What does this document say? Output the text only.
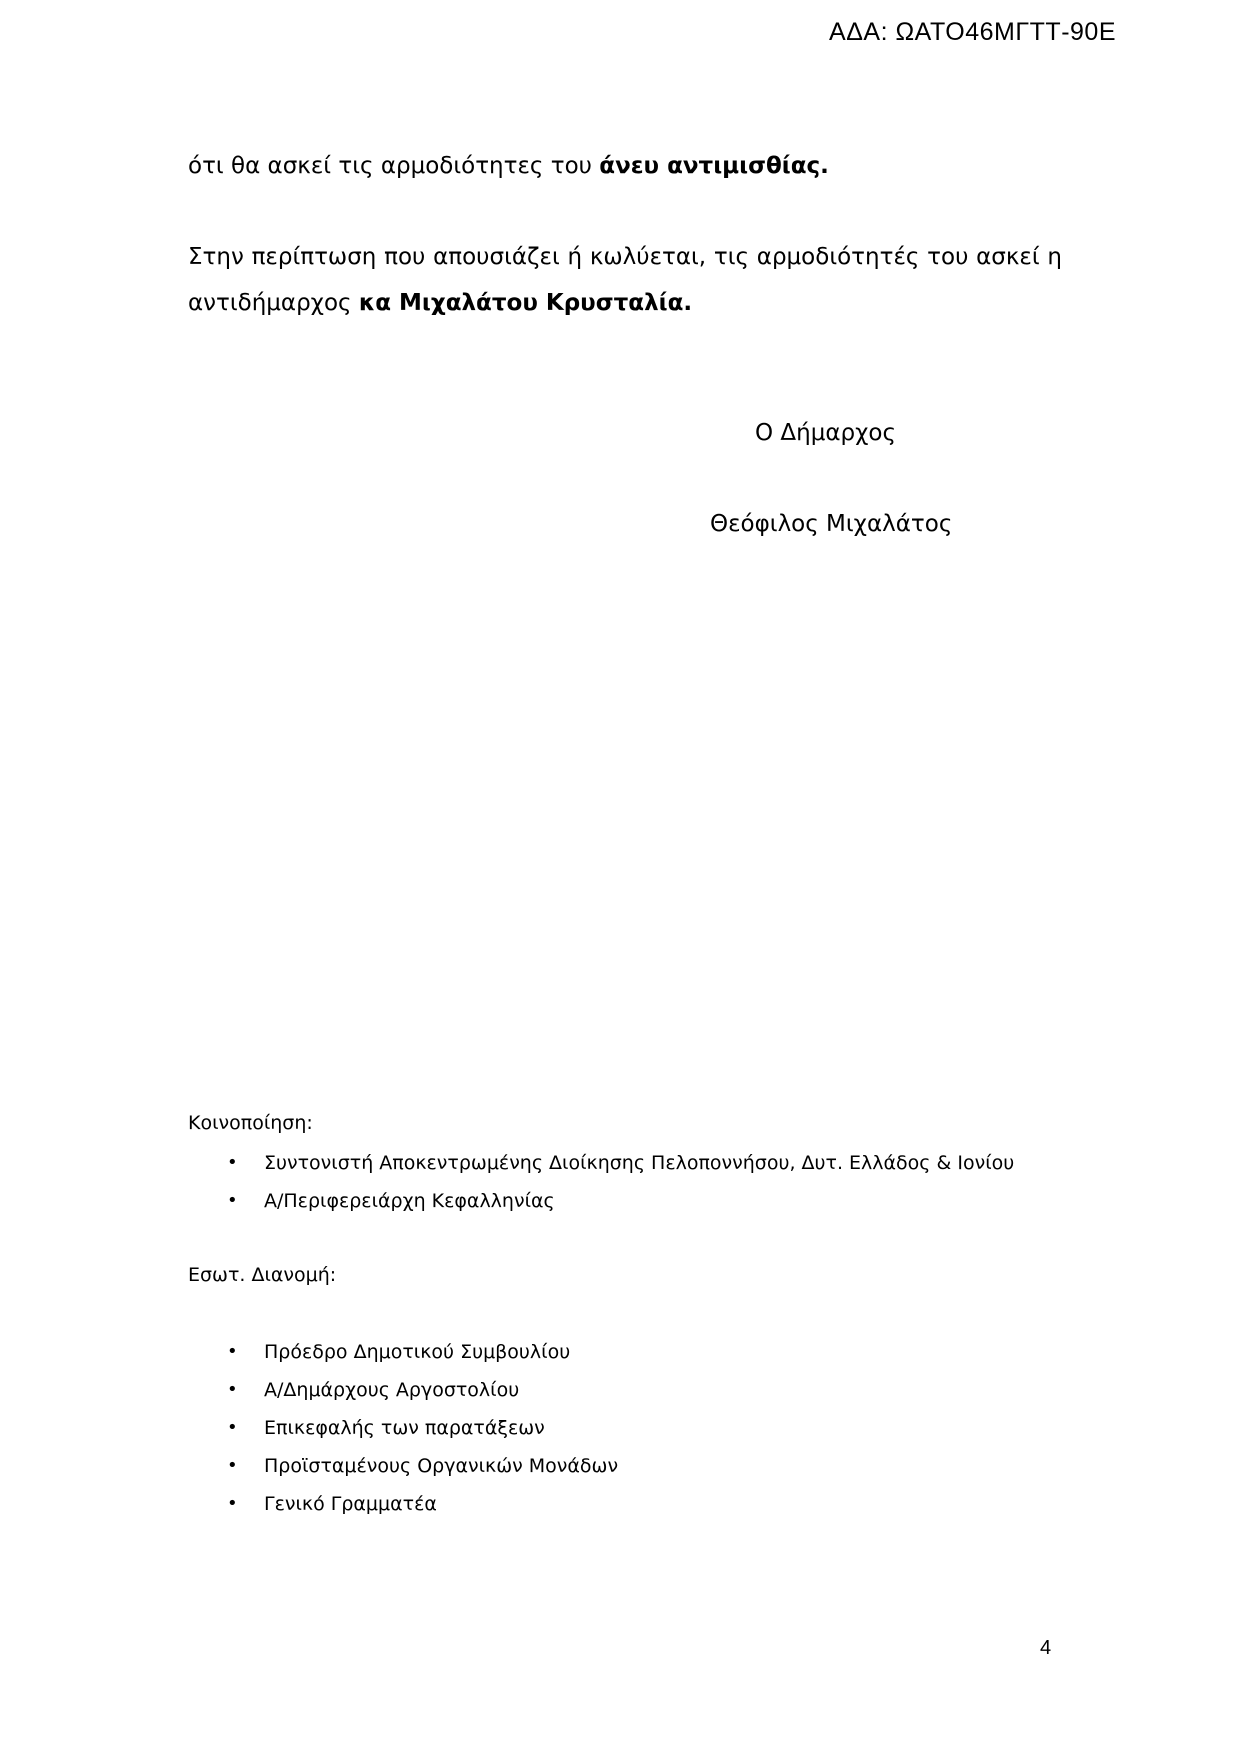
ΑΔΑ: ΩΑΤΟ46ΜΓΤΤ-90Ε

ότι θα ασκεί τις αρμοδιότητες του άνευ αντιμισθίας.

Στην περίπτωση που απουσιάζει ή κωλύεται, τις αρμοδιότητές του ασκεί η
αντιδήμαρχος κα Μιχαλάτου Κρυσταλία.

Ο Δήμαρχος
Θεόφιλος Μιχαλάτος
Κοινοποίηση:
• Συντονιστή Αποκεντρωμένης Διοίκησης Πελοποννήσου, Δυτ. Ελλάδος & Ιονίου
• Α/Περιφερειάρχη Κεφαλληνίας
Εσωτ. Διανομή:
• Πρόεδρο Δημοτικού Συμβουλίου
• Α/Δημάρχους Αργοστολίου
• Επικεφαλής των παρατάξεων
• Προϊσταμένους Οργανικών Μονάδων
• Γενικό Γραμματέα
4
